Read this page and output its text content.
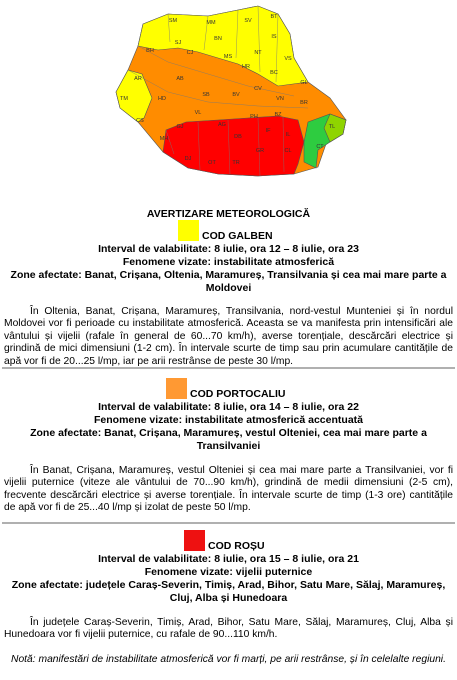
SM	MM	SV
BT
SJ
BN	IS
BH	CJ
MS
HR
NT
VS
AR	AB
CV
BC
GL
TM	HD
SB	BV
VN
BR
CS
VL
AG
PH	BZ
TL
MH
GJ
DB
IF
IL
CT
DJ
OT	TR
GR	CL
AVERTIZARE METEOROLOGICĂ
COD GALBEN
Interval de valabilitate: 8 iulie, ora 12 – 8 iulie, ora 23
Fenomene vizate: instabilitate atmosferică
Zone afectate: Banat, Crișana, Oltenia, Maramureș, Transilvania și cea mai mare parte a
Moldovei
În Oltenia, Banat, Crișana, Maramureș, Transilvania, nord-vestul Munteniei și în nordul Moldovei vor fi perioade cu instabilitate atmosferică. Aceasta se va manifesta prin intensificări ale vântului și vijelii (rafale în general de 60...70 km/h), averse torențiale, descărcări electrice și grindină de mici dimensiuni (1-2 cm). În intervale scurte de timp sau prin acumulare cantitățile de apă vor fi de 20...25 l/mp, iar pe arii restrânse de peste 30 l/mp.
COD PORTOCALIU
Interval de valabilitate: 8 iulie, ora 14 – 8 iulie, ora 22
Fenomene vizate: instabilitate atmosferică accentuată
Zone afectate: Banat, Crișana, Maramureș, vestul Olteniei, cea mai mare parte a
Transilvaniei
În Banat, Crișana, Maramureș, vestul Olteniei și cea mai mare parte a Transilvaniei, vor fi vijelii puternice (viteze ale vântului de 70...90 km/h), grindină de medii dimensiuni (2-5 cm), frecvente descărcări electrice și averse torențiale. În intervale scurte de timp (1-3 ore) cantitățile de apă vor fi de 25...40 l/mp și izolat de peste 50 l/mp.
COD ROȘU
Interval de valabilitate: 8 iulie, ora 15 – 8 iulie, ora 21
Fenomene vizate: vijelii puternice
Zone afectate: județele Caraș-Severin, Timiș, Arad, Bihor, Satu Mare, Sălaj, Maramureș,
Cluj, Alba și Hunedoara
În județele Caraș-Severin, Timiș, Arad, Bihor, Satu Mare, Sălaj, Maramureș, Cluj, Alba și Hunedoara vor fi vijelii puternice, cu rafale de 90...110 km/h.
Notă: manifestări de instabilitate atmosferică vor fi marți, pe arii restrânse, și în celelalte regiuni.
